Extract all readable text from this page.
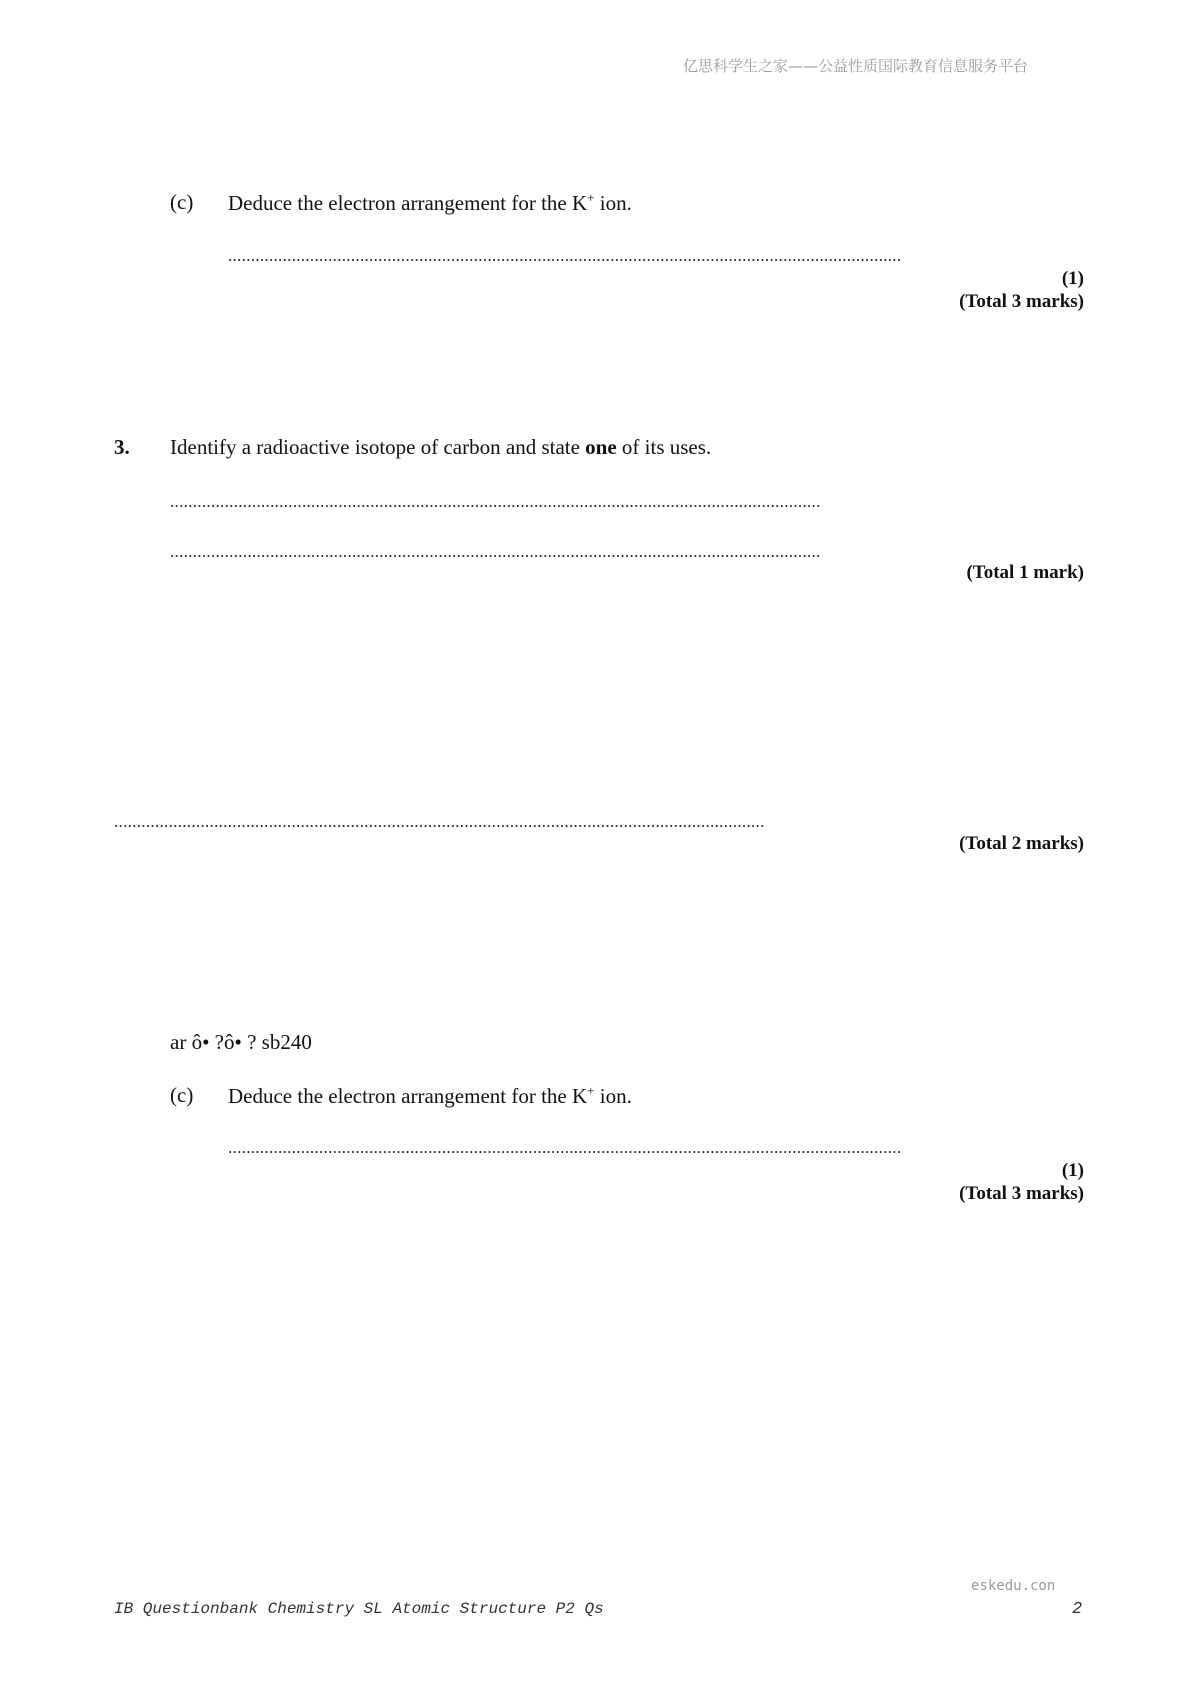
亿思科学生之家——公益性质国际教育信息服务平台
(c) Deduce the electron arrangement for the K+ ion.
....................................................................................................................................................
(1)
(Total 3 marks)
3. Identify a radioactive isotope of carbon and state one of its uses.
...............................................................................................................................................
...............................................................................................................................................
(Total 1 mark)
...............................................................................................................................................
(Total 2 marks)
ar ô• ?ô• ? sb240
(c) Deduce the electron arrangement for the K+ ion.
....................................................................................................................................................
(1)
(Total 3 marks)
eskedu.con
IB Questionbank Chemistry SL Atomic Structure P2 Qs	2
